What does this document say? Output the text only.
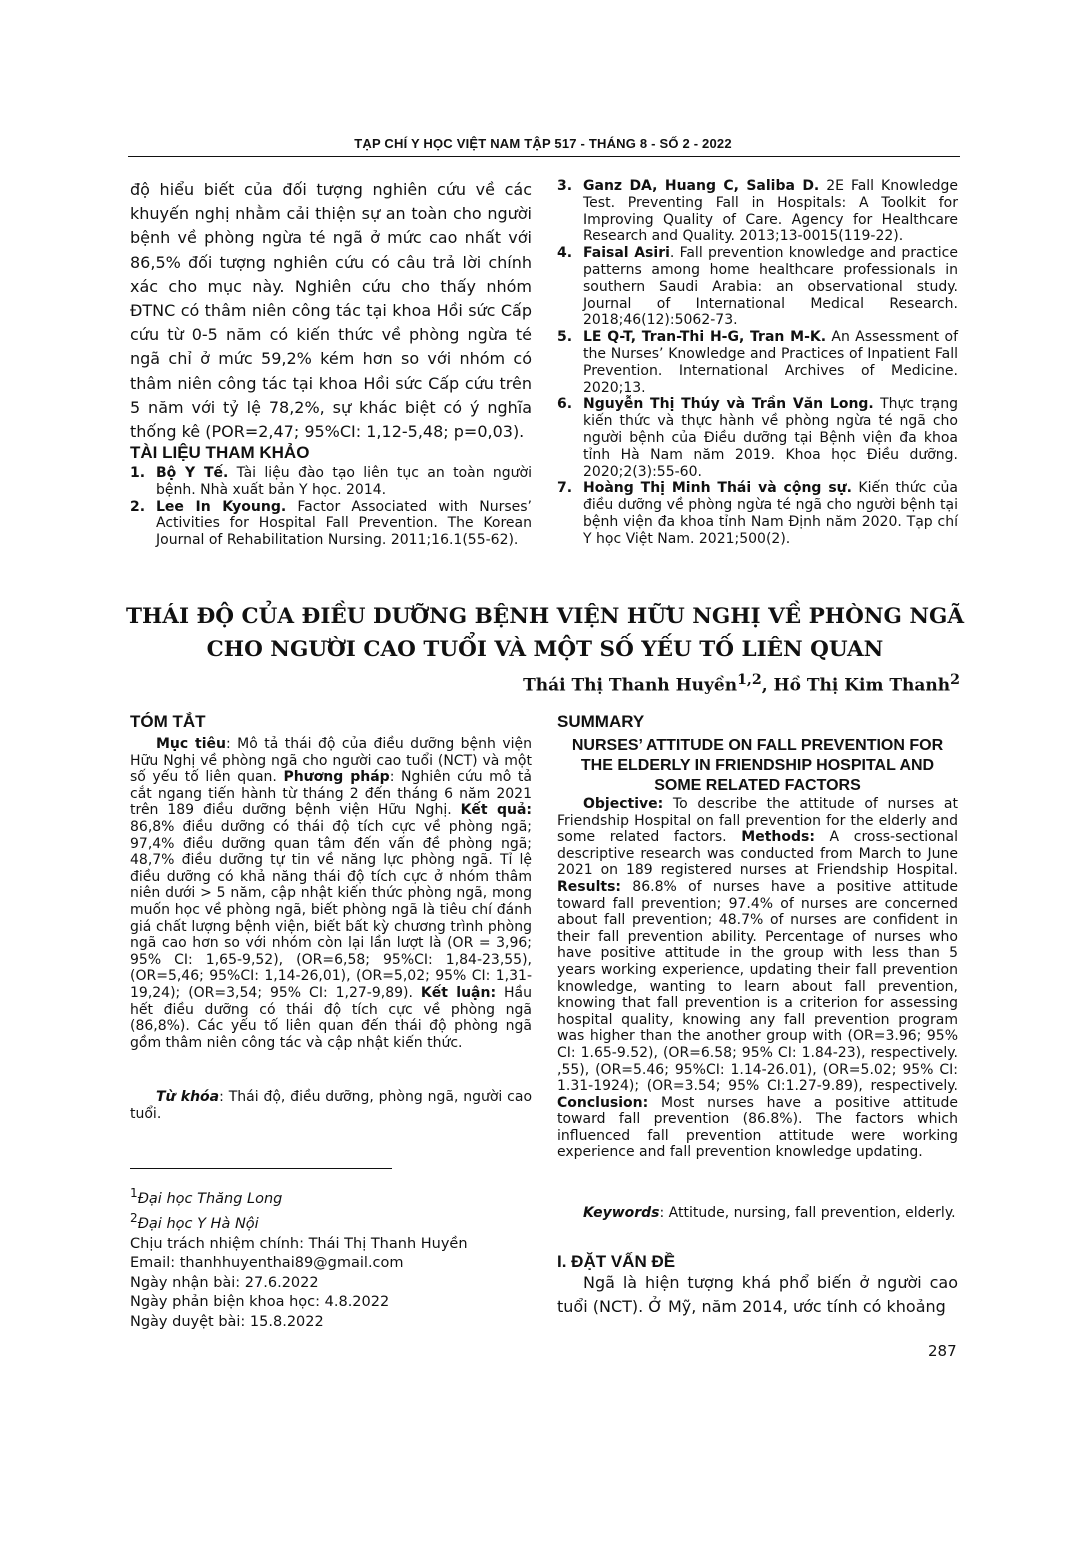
TẠP CHÍ Y HỌC VIỆT NAM TẬP 517 - THÁNG 8 - SỐ 2 - 2022
độ hiểu biết của đối tượng nghiên cứu về các khuyến nghị nhằm cải thiện sự an toàn cho người bệnh về phòng ngừa té ngã ở mức cao nhất với 86,5% đối tượng nghiên cứu có câu trả lời chính xác cho mục này. Nghiên cứu cho thấy nhóm ĐTNC có thâm niên công tác tại khoa Hồi sức Cấp cứu từ 0-5 năm có kiến thức về phòng ngừa té ngã chỉ ở mức 59,2% kém hơn so với nhóm có thâm niên công tác tại khoa Hồi sức Cấp cứu trên 5 năm với tỷ lệ 78,2%, sự khác biệt có ý nghĩa thống kê (POR=2,47; 95%CI: 1,12-5,48; p=0,03).
TÀI LIỆU THAM KHẢO
1. Bộ Y Tế. Tài liệu đào tạo liên tục an toàn người bệnh. Nhà xuất bản Y học. 2014.
2. Lee In Kyoung. Factor Associated with Nurses’ Activities for Hospital Fall Prevention. The Korean Journal of Rehabilitation Nursing. 2011;16.1(55-62).
3. Ganz DA, Huang C, Saliba D. 2E Fall Knowledge Test. Preventing Fall in Hospitals: A Toolkit for Improving Quality of Care. Agency for Healthcare Research and Quality. 2013;13-0015(119-22).
4. Faisal Asiri. Fall prevention knowledge and practice patterns among home healthcare professionals in southern Saudi Arabia: an observational study. Journal of International Medical Research. 2018;46(12):5062-73.
5. LE Q-T, Tran-Thi H-G, Tran M-K. An Assessment of the Nurses’ Knowledge and Practices of Inpatient Fall Prevention. International Archives of Medicine. 2020;13.
6. Nguyễn Thị Thúy và Trần Văn Long. Thực trạng kiến thức và thực hành về phòng ngừa té ngã cho người bệnh của Điều dưỡng tại Bệnh viện đa khoa tỉnh Hà Nam năm 2019. Khoa học Điều dưỡng. 2020;2(3):55-60.
7. Hoàng Thị Minh Thái và cộng sự. Kiến thức của điều dưỡng về phòng ngừa té ngã cho người bệnh tại bệnh viện đa khoa tỉnh Nam Định năm 2020. Tạp chí Y học Việt Nam. 2021;500(2).
THÁI ĐỘ CỦA ĐIỀU DƯỠNG BỆNH VIỆN HỮU NGHỊ VỀ PHÒNG NGÃ
CHO NGƯỜI CAO TUỔI VÀ MỘT SỐ YẾU TỐ LIÊN QUAN
Thái Thị Thanh Huyền$^{1,2}$, Hồ Thị Kim Thanh$^2$
TÓM TẮT
Mục tiêu: Mô tả thái độ của điều dưỡng bệnh viện Hữu Nghị về phòng ngã cho người cao tuổi (NCT) và một số yếu tố liên quan. Phương pháp: Nghiên cứu mô tả cắt ngang tiến hành từ tháng 2 đến tháng 6 năm 2021 trên 189 điều dưỡng bệnh viện Hữu Nghị. Kết quả: 86,8% điều dưỡng có thái độ tích cực về phòng ngã; 97,4% điều dưỡng quan tâm đến vấn đề phòng ngã; 48,7% điều dưỡng tự tin về năng lực phòng ngã. Tỉ lệ điều dưỡng có khả năng thái độ tích cực ở nhóm thâm niên dưới > 5 năm, cập nhật kiến thức phòng ngã, mong muốn học về phòng ngã, biết phòng ngã là tiêu chí đánh giá chất lượng bệnh viện, biết bất kỳ chương trình phòng ngã cao hơn so với nhóm còn lại lần lượt là (OR = 3,96; 95% CI: 1,65-9,52), (OR=6,58; 95%CI: 1,84-23,55), (OR=5,46; 95%CI: 1,14-26,01), (OR=5,02; 95% CI: 1,31-19,24); (OR=3,54; 95% CI: 1,27-9,89). Kết luận: Hầu hết điều dưỡng có thái độ tích cực về phòng ngã (86,8%). Các yếu tố liên quan đến thái độ phòng ngã gồm thâm niên công tác và cập nhật kiến thức.
Từ khóa: Thái độ, điều dưỡng, phòng ngã, người cao tuổi.
$^1$Đại học Thăng Long
$^2$Đại học Y Hà Nội
Chịu trách nhiệm chính: Thái Thị Thanh Huyền
Email: thanhhuyenthai89@gmail.com
Ngày nhận bài: 27.6.2022
Ngày phản biện khoa học: 4.8.2022
Ngày duyệt bài: 15.8.2022
SUMMARY
NURSES’ ATTITUDE ON FALL PREVENTION FOR THE ELDERLY IN FRIENDSHIP HOSPITAL AND SOME RELATED FACTORS
Objective: To describe the attitude of nurses at Friendship Hospital on fall prevention for the elderly and some related factors. Methods: A cross-sectional descriptive research was conducted from March to June 2021 on 189 registered nurses at Friendship Hospital. Results: 86.8% of nurses have a positive attitude toward fall prevention; 97.4% of nurses are concerned about fall prevention; 48.7% of nurses are confident in their fall prevention ability. Percentage of nurses who have positive attitude in the group with less than 5 years working experience, updating their fall prevention knowledge, wanting to learn about fall prevention, knowing that fall prevention is a criterion for assessing hospital quality, knowing any fall prevention program was higher than the another group with (OR=3.96; 95% CI: 1.65-9.52), (OR=6.58; 95% CI: 1.84-23), respectively. ,55), (OR=5.46; 95%CI: 1.14-26.01), (OR=5.02; 95% CI: 1.31-1924); (OR=3.54; 95% CI:1.27-9.89), respectively. Conclusion: Most nurses have a positive attitude toward fall prevention (86.8%). The factors which influenced fall prevention attitude were working experience and fall prevention knowledge updating.
Keywords: Attitude, nursing, fall prevention, elderly.
I. ĐẶT VẤN ĐỀ
Ngã là hiện tượng khá phổ biến ở người cao tuổi (NCT). Ở Mỹ, năm 2014, ước tính có khoảng
287
